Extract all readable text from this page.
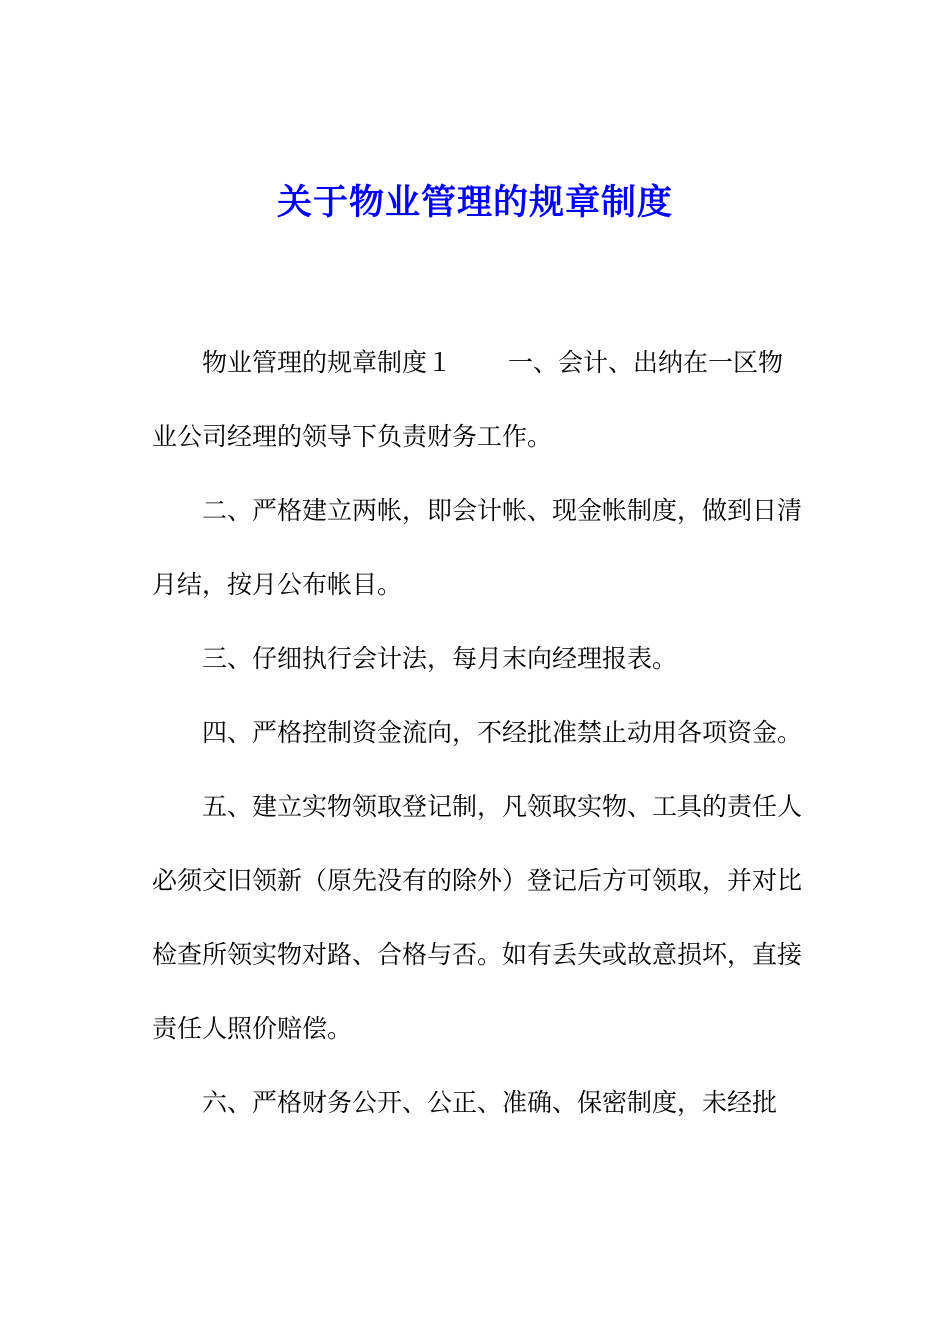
关于物业管理的规章制度

物业管理的规章制度１ 一、会计、出纳在一区物业公司经理的领导下负责财务工作。

二、严格建立两帐，即会计帐、现金帐制度，做到日清月结，按月公布帐目。

三、仔细执行会计法，每月末向经理报表。

四、严格控制资金流向，不经批准禁止动用各项资金。

五、建立实物领取登记制，凡领取实物、工具的责任人必须交旧领新（原先没有的除外）登记后方可领取，并对比检查所领实物对路、合格与否。如有丢失或故意损坏，直接责任人照价赔偿。

六、严格财务公开、公正、准确、保密制度，未经批
